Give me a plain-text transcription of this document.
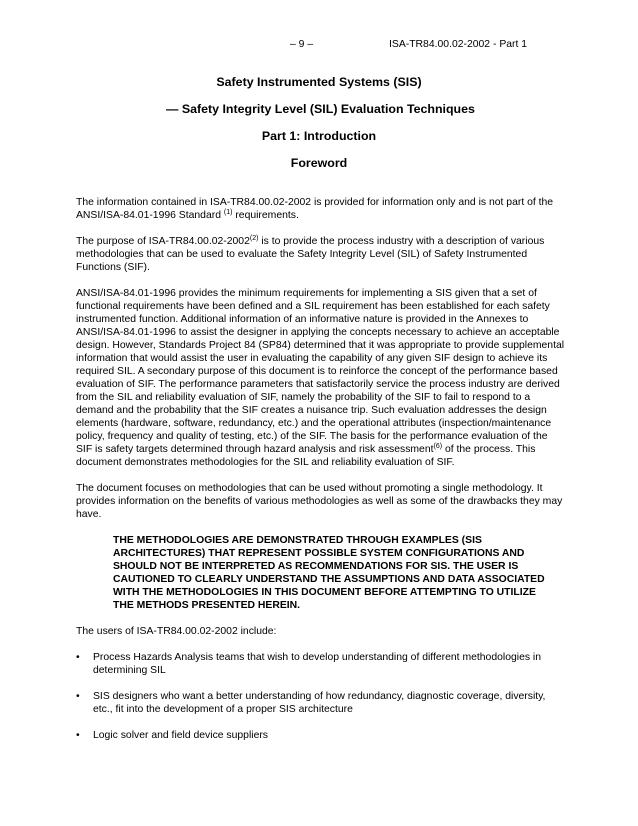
– 9 –	ISA-TR84.00.02-2002 - Part 1
Safety Instrumented Systems (SIS)
— Safety Integrity Level (SIL) Evaluation Techniques
Part 1: Introduction
Foreword

The information contained in ISA-TR84.00.02-2002 is provided for information only and is not part of the ANSI/ISA-84.01-1996 Standard $^{(1)}$ requirements.

The purpose of ISA-TR84.00.02-2002$^{(2)}$ is to provide the process industry with a description of various methodologies that can be used to evaluate the Safety Integrity Level (SIL) of Safety Instrumented Functions (SIF).

ANSI/ISA-84.01-1996 provides the minimum requirements for implementing a SIS given that a set of functional requirements have been defined and a SIL requirement has been established for each safety instrumented function. Additional information of an informative nature is provided in the Annexes to ANSI/ISA-84.01-1996 to assist the designer in applying the concepts necessary to achieve an acceptable design. However, Standards Project 84 (SP84) determined that it was appropriate to provide supplemental information that would assist the user in evaluating the capability of any given SIF design to achieve its required SIL. A secondary purpose of this document is to reinforce the concept of the performance based evaluation of SIF. The performance parameters that satisfactorily service the process industry are derived from the SIL and reliability evaluation of SIF, namely the probability of the SIF to fail to respond to a demand and the probability that the SIF creates a nuisance trip. Such evaluation addresses the design elements (hardware, software, redundancy, etc.) and the operational attributes (inspection/maintenance policy, frequency and quality of testing, etc.) of the SIF. The basis for the performance evaluation of the SIF is safety targets determined through hazard analysis and risk assessment$^{(6)}$ of the process. This document demonstrates methodologies for the SIL and reliability evaluation of SIF.

The document focuses on methodologies that can be used without promoting a single methodology. It provides information on the benefits of various methodologies as well as some of the drawbacks they may have.

THE METHODOLOGIES ARE DEMONSTRATED THROUGH EXAMPLES (SIS ARCHITECTURES) THAT REPRESENT POSSIBLE SYSTEM CONFIGURATIONS AND SHOULD NOT BE INTERPRETED AS RECOMMENDATIONS FOR SIS. THE USER IS CAUTIONED TO CLEARLY UNDERSTAND THE ASSUMPTIONS AND DATA ASSOCIATED WITH THE METHODOLOGIES IN THIS DOCUMENT BEFORE ATTEMPTING TO UTILIZE THE METHODS PRESENTED HEREIN.

The users of ISA-TR84.00.02-2002 include:

• Process Hazards Analysis teams that wish to develop understanding of different methodologies in determining SIL
• SIS designers who want a better understanding of how redundancy, diagnostic coverage, diversity, etc., fit into the development of a proper SIS architecture
• Logic solver and field device suppliers
